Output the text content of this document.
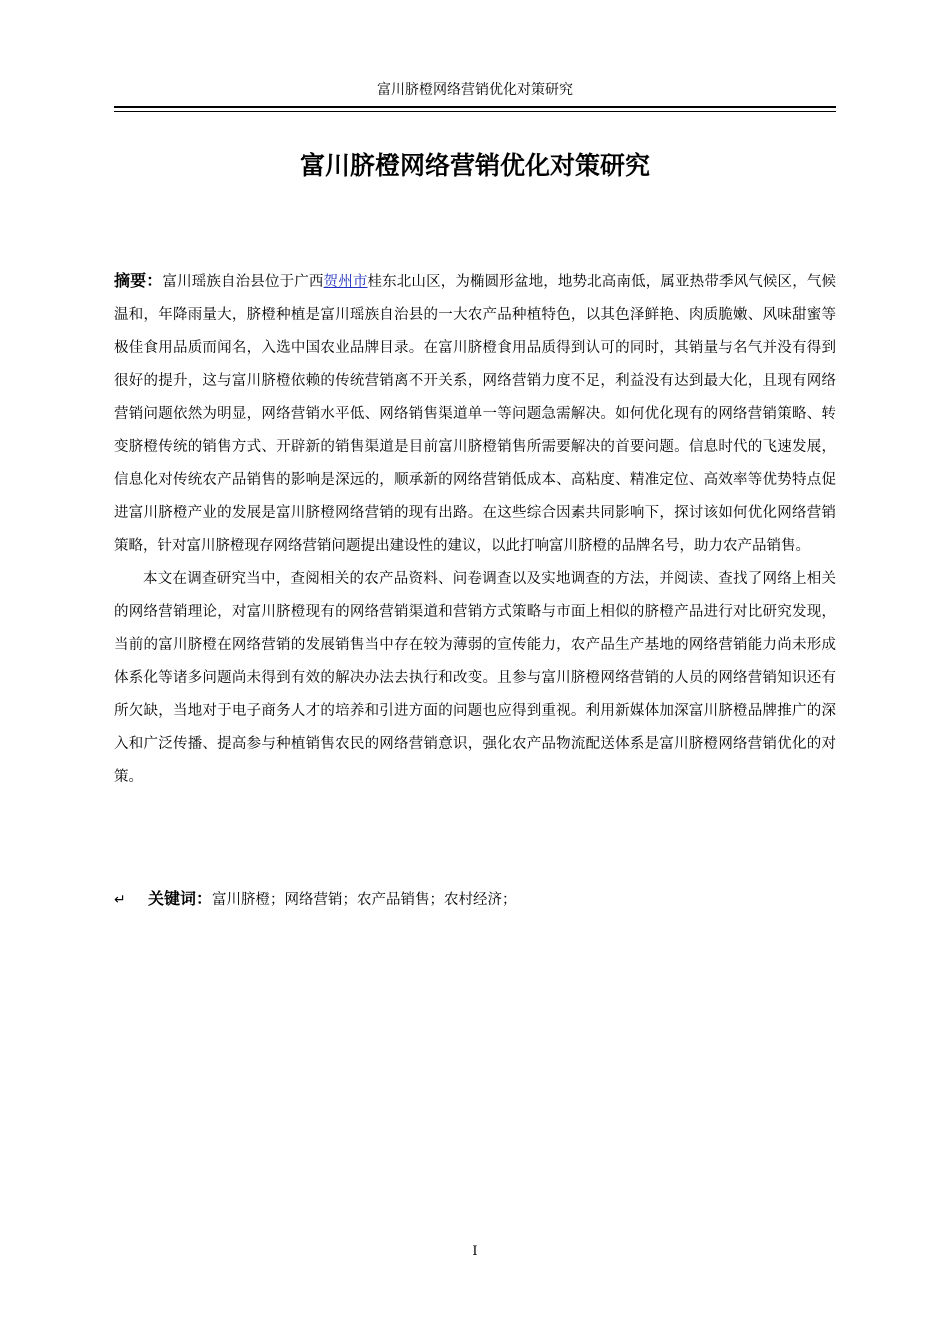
富川脐橙网络营销优化对策研究
富川脐橙网络营销优化对策研究

摘要：富川瑶族自治县位于广西贺州市桂东北山区，为椭圆形盆地，地势北高南低，属亚热带季风气候区，气候温和，年降雨量大，脐橙种植是富川瑶族自治县的一大农产品种植特色，以其色泽鲜艳、肉质脆嫩、风味甜蜜等极佳食用品质而闻名，入选中国农业品牌目录。在富川脐橙食用品质得到认可的同时，其销量与名气并没有得到很好的提升，这与富川脐橙依赖的传统营销离不开关系，网络营销力度不足，利益没有达到最大化，且现有网络营销问题依然为明显，网络营销水平低、网络销售渠道单一等问题急需解决。如何优化现有的网络营销策略、转变脐橙传统的销售方式、开辟新的销售渠道是目前富川脐橙销售所需要解决的首要问题。信息时代的飞速发展，信息化对传统农产品销售的影响是深远的，顺承新的网络营销低成本、高粘度、精准定位、高效率等优势特点促进富川脐橙产业的发展是富川脐橙网络营销的现有出路。在这些综合因素共同影响下，探讨该如何优化网络营销策略，针对富川脐橙现存网络营销问题提出建设性的建议，以此打响富川脐橙的品牌名号，助力农产品销售。

本文在调查研究当中，查阅相关的农产品资料、问卷调查以及实地调查的方法，并阅读、查找了网络上相关的网络营销理论，对富川脐橙现有的网络营销渠道和营销方式策略与市面上相似的脐橙产品进行对比研究发现，当前的富川脐橙在网络营销的发展销售当中存在较为薄弱的宣传能力，农产品生产基地的网络营销能力尚未形成体系化等诸多问题尚未得到有效的解决办法去执行和改变。且参与富川脐橙网络营销的人员的网络营销知识还有所欠缺，当地对于电子商务人才的培养和引进方面的问题也应得到重视。利用新媒体加深富川脐橙品牌推广的深入和广泛传播、提高参与种植销售农民的网络营销意识，强化农产品物流配送体系是富川脐橙网络营销优化的对策。

↵ 关键词：富川脐橙；网络营销；农产品销售；农村经济；
I
